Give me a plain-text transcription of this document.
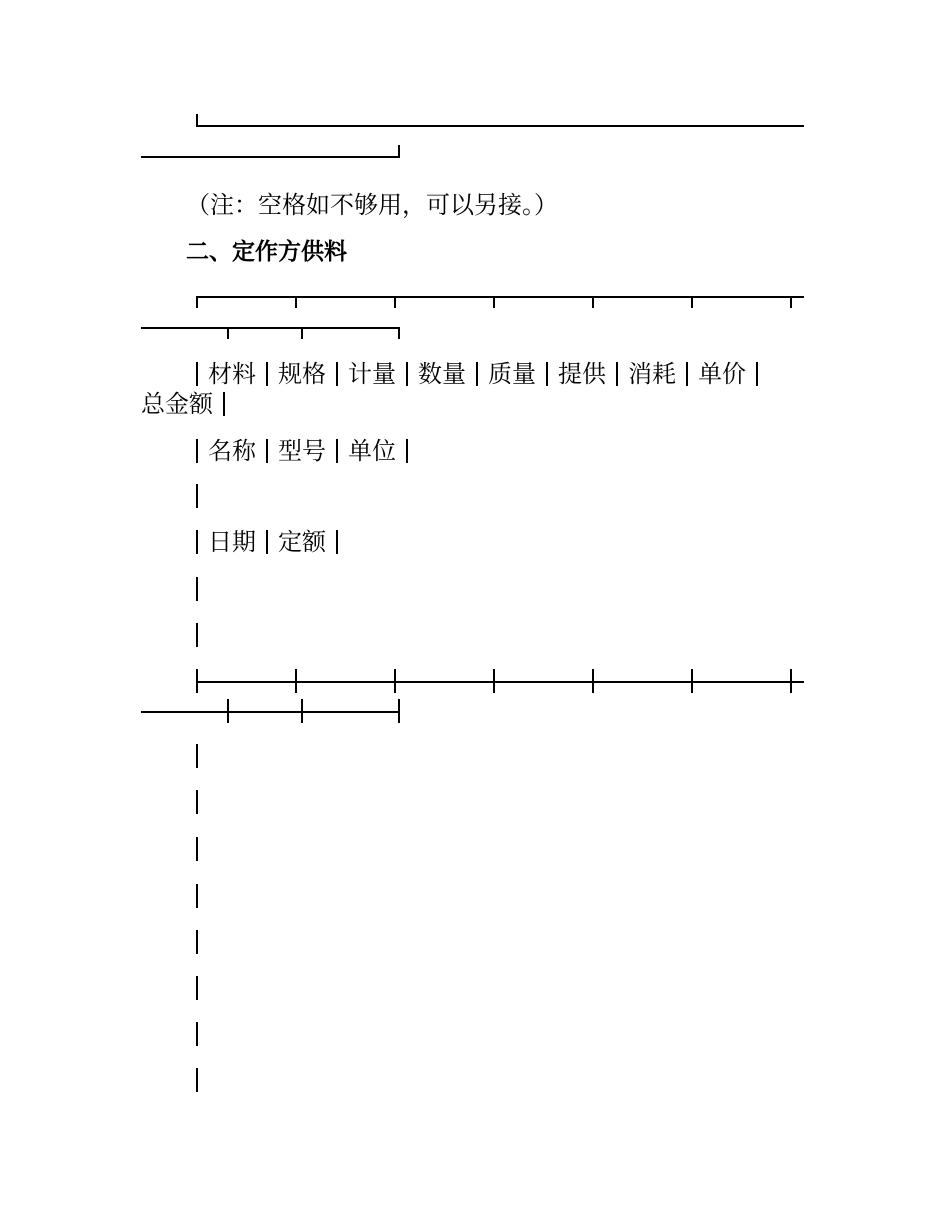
（注：空格如不够用，可以另接。）
二、定作方供料
材料 规格 计量 数量 质量 提供 消耗 单价
总金额
名称 型号 单位
日期 定额
